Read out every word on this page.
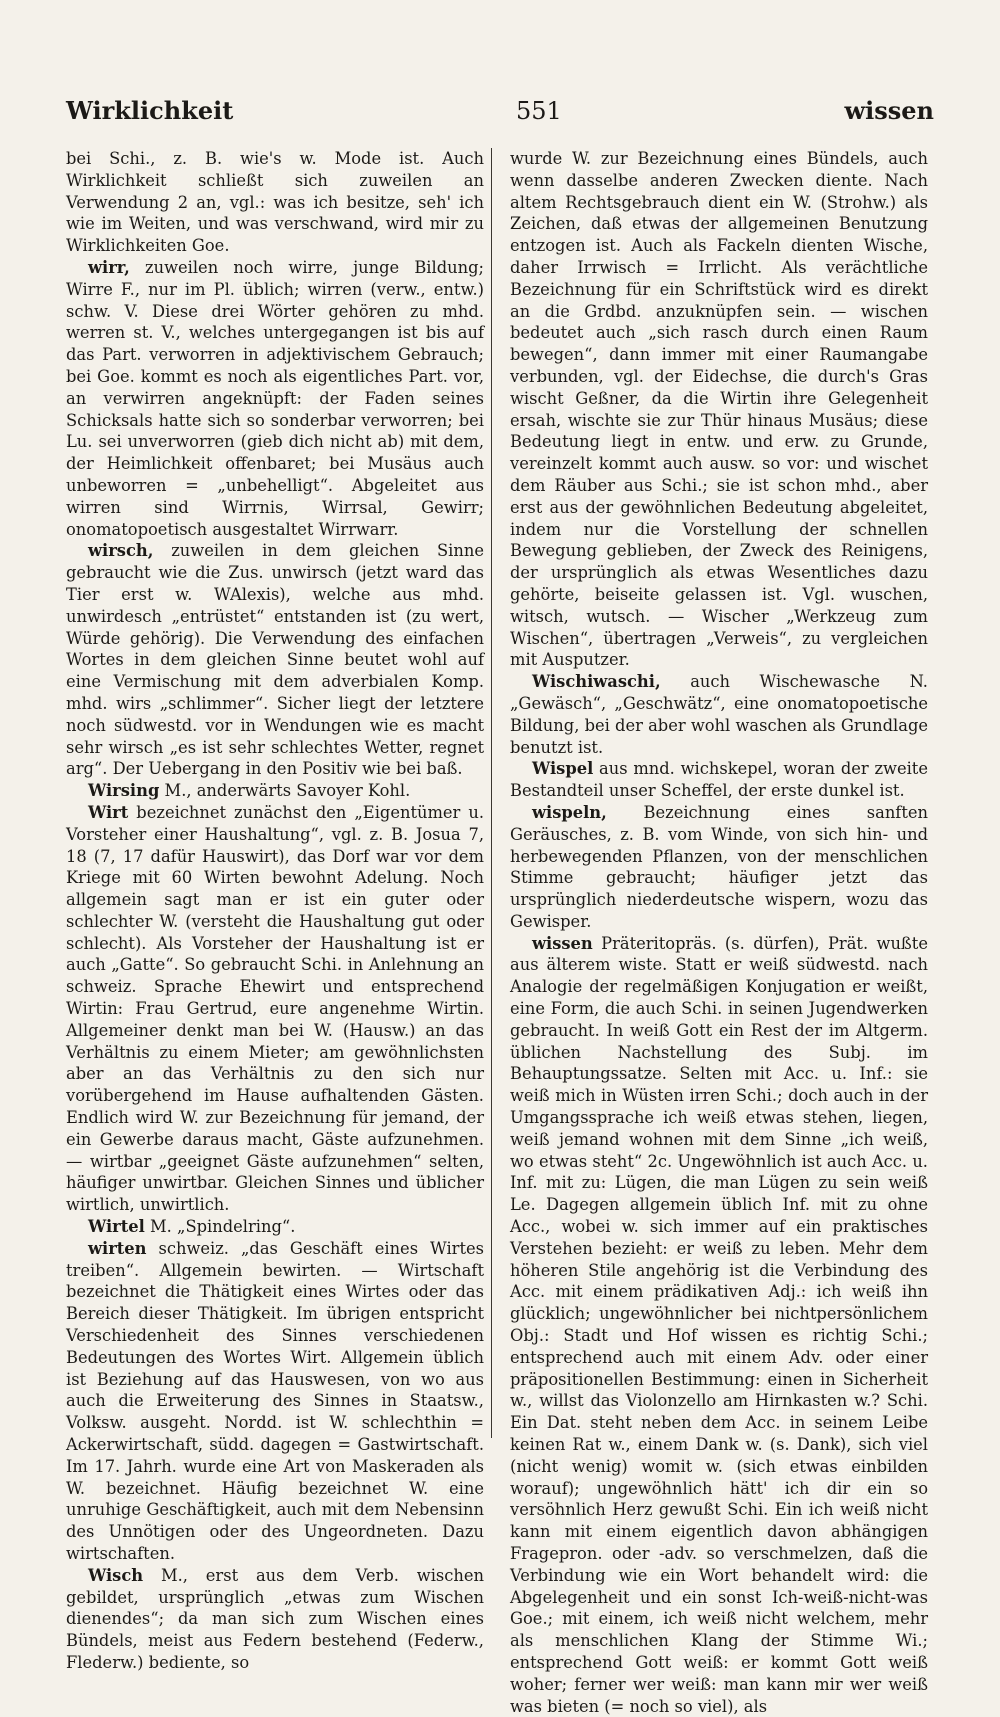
Wirklichkeit	551	wissen

bei Schi., z. B. wie's w. Mode ist. Auch Wirklichkeit schließt sich zuweilen an Verwendung 2 an, vgl.: was ich besitze, seh' ich wie im Weiten, und was verschwand, wird mir zu Wirklichkeiten Goe.

wirr, zuweilen noch wirre, junge Bildung; Wirre F., nur im Pl. üblich; wirren (verw., entw.) schw. V. Diese drei Wörter gehören zu mhd. werren st. V., welches untergegangen ist bis auf das Part. verworren in adjektivischem Gebrauch; bei Goe. kommt es noch als eigentliches Part. vor, an verwirren angeknüpft: der Faden seines Schicksals hatte sich so sonderbar verworren; bei Lu. sei unverworren (gieb dich nicht ab) mit dem, der Heimlichkeit offenbaret; bei Musäus auch unbeworren = „unbehelligt“. Abgeleitet aus wirren sind Wirrnis, Wirrsal, Gewirr; onomatopoetisch ausgestaltet Wirrwarr.

wirsch, zuweilen in dem gleichen Sinne gebraucht wie die Zus. unwirsch (jetzt ward das Tier erst w. WAlexis), welche aus mhd. unwirdesch „entrüstet“ entstanden ist (zu wert, Würde gehörig). Die Verwendung des einfachen Wortes in dem gleichen Sinne beutet wohl auf eine Vermischung mit dem adverbialen Komp. mhd. wirs „schlimmer“. Sicher liegt der letztere noch südwestd. vor in Wendungen wie es macht sehr wirsch „es ist sehr schlechtes Wetter, regnet arg“. Der Uebergang in den Positiv wie bei baß.

Wirsing M., anderwärts Savoyer Kohl.

Wirt bezeichnet zunächst den „Eigentümer u. Vorsteher einer Haushaltung“, vgl. z. B. Josua 7, 18 (7, 17 dafür Hauswirt), das Dorf war vor dem Kriege mit 60 Wirten bewohnt Adelung. Noch allgemein sagt man er ist ein guter oder schlechter W. (versteht die Haushaltung gut oder schlecht). Als Vorsteher der Haushaltung ist er auch „Gatte“. So gebraucht Schi. in Anlehnung an schweiz. Sprache Ehewirt und entsprechend Wirtin: Frau Gertrud, eure angenehme Wirtin. Allgemeiner denkt man bei W. (Hausw.) an das Verhältnis zu einem Mieter; am gewöhnlichsten aber an das Verhältnis zu den sich nur vorübergehend im Hause aufhaltenden Gästen. Endlich wird W. zur Bezeichnung für jemand, der ein Gewerbe daraus macht, Gäste aufzunehmen. — wirtbar „geeignet Gäste aufzunehmen“ selten, häufiger unwirtbar. Gleichen Sinnes und üblicher wirtlich, unwirtlich.

Wirtel M. „Spindelring“.

wirten schweiz. „das Geschäft eines Wirtes treiben“. Allgemein bewirten. — Wirtschaft bezeichnet die Thätigkeit eines Wirtes oder das Bereich dieser Thätigkeit. Im übrigen entspricht Verschiedenheit des Sinnes verschiedenen Bedeutungen des Wortes Wirt. Allgemein üblich ist Beziehung auf das Hauswesen, von wo aus auch die Erweiterung des Sinnes in Staatsw., Volksw. ausgeht. Nordd. ist W. schlechthin = Ackerwirtschaft, südd. dagegen = Gastwirtschaft. Im 17. Jahrh. wurde eine Art von Maskeraden als W. bezeichnet. Häufig bezeichnet W. eine unruhige Geschäftigkeit, auch mit dem Nebensinn des Unnötigen oder des Ungeordneten. Dazu wirtschaften.

Wisch M., erst aus dem Verb. wischen gebildet, ursprünglich „etwas zum Wischen dienendes“; da man sich zum Wischen eines Bündels, meist aus Federn bestehend (Federw., Flederw.) bediente, so

wurde W. zur Bezeichnung eines Bündels, auch wenn dasselbe anderen Zwecken diente. Nach altem Rechtsgebrauch dient ein W. (Strohw.) als Zeichen, daß etwas der allgemeinen Benutzung entzogen ist. Auch als Fackeln dienten Wische, daher Irrwisch = Irrlicht. Als verächtliche Bezeichnung für ein Schriftstück wird es direkt an die Grdbd. anzuknüpfen sein. — wischen bedeutet auch „sich rasch durch einen Raum bewegen“, dann immer mit einer Raumangabe verbunden, vgl. der Eidechse, die durch's Gras wischt Geßner, da die Wirtin ihre Gelegenheit ersah, wischte sie zur Thür hinaus Musäus; diese Bedeutung liegt in entw. und erw. zu Grunde, vereinzelt kommt auch ausw. so vor: und wischet dem Räuber aus Schi.; sie ist schon mhd., aber erst aus der gewöhnlichen Bedeutung abgeleitet, indem nur die Vorstellung der schnellen Bewegung geblieben, der Zweck des Reinigens, der ursprünglich als etwas Wesentliches dazu gehörte, beiseite gelassen ist. Vgl. wuschen, witsch, wutsch. — Wischer „Werkzeug zum Wischen“, übertragen „Verweis“, zu vergleichen mit Ausputzer.

Wischiwaschi, auch Wischewasche N. „Gewäsch“, „Geschwätz“, eine onomatopoetische Bildung, bei der aber wohl waschen als Grundlage benutzt ist.

Wispel aus mnd. wichskepel, woran der zweite Bestandteil unser Scheffel, der erste dunkel ist.

wispeln, Bezeichnung eines sanften Geräusches, z. B. vom Winde, von sich hin- und herbewegenden Pflanzen, von der menschlichen Stimme gebraucht; häufiger jetzt das ursprünglich niederdeutsche wispern, wozu das Gewisper.

wissen Präteritopräs. (s. dürfen), Prät. wußte aus älterem wiste. Statt er weiß südwestd. nach Analogie der regelmäßigen Konjugation er weißt, eine Form, die auch Schi. in seinen Jugendwerken gebraucht. In weiß Gott ein Rest der im Altgerm. üblichen Nachstellung des Subj. im Behauptungssatze. Selten mit Acc. u. Inf.: sie weiß mich in Wüsten irren Schi.; doch auch in der Umgangssprache ich weiß etwas stehen, liegen, weiß jemand wohnen mit dem Sinne „ich weiß, wo etwas steht“ 2c. Ungewöhnlich ist auch Acc. u. Inf. mit zu: Lügen, die man Lügen zu sein weiß Le. Dagegen allgemein üblich Inf. mit zu ohne Acc., wobei w. sich immer auf ein praktisches Verstehen bezieht: er weiß zu leben. Mehr dem höheren Stile angehörig ist die Verbindung des Acc. mit einem prädikativen Adj.: ich weiß ihn glücklich; ungewöhnlicher bei nichtpersönlichem Obj.: Stadt und Hof wissen es richtig Schi.; entsprechend auch mit einem Adv. oder einer präpositionellen Bestimmung: einen in Sicherheit w., willst das Violonzello am Hirnkasten w.? Schi. Ein Dat. steht neben dem Acc. in seinem Leibe keinen Rat w., einem Dank w. (s. Dank), sich viel (nicht wenig) womit w. (sich etwas einbilden worauf); ungewöhnlich hätt' ich dir ein so versöhnlich Herz gewußt Schi. Ein ich weiß nicht kann mit einem eigentlich davon abhängigen Fragepron. oder -adv. so verschmelzen, daß die Verbindung wie ein Wort behandelt wird: die Abgelegenheit und ein sonst Ich-weiß-nicht-was Goe.; mit einem, ich weiß nicht welchem, mehr als menschlichen Klang der Stimme Wi.; entsprechend Gott weiß: er kommt Gott weiß woher; ferner wer weiß: man kann mir wer weiß was bieten (= noch so viel), als
